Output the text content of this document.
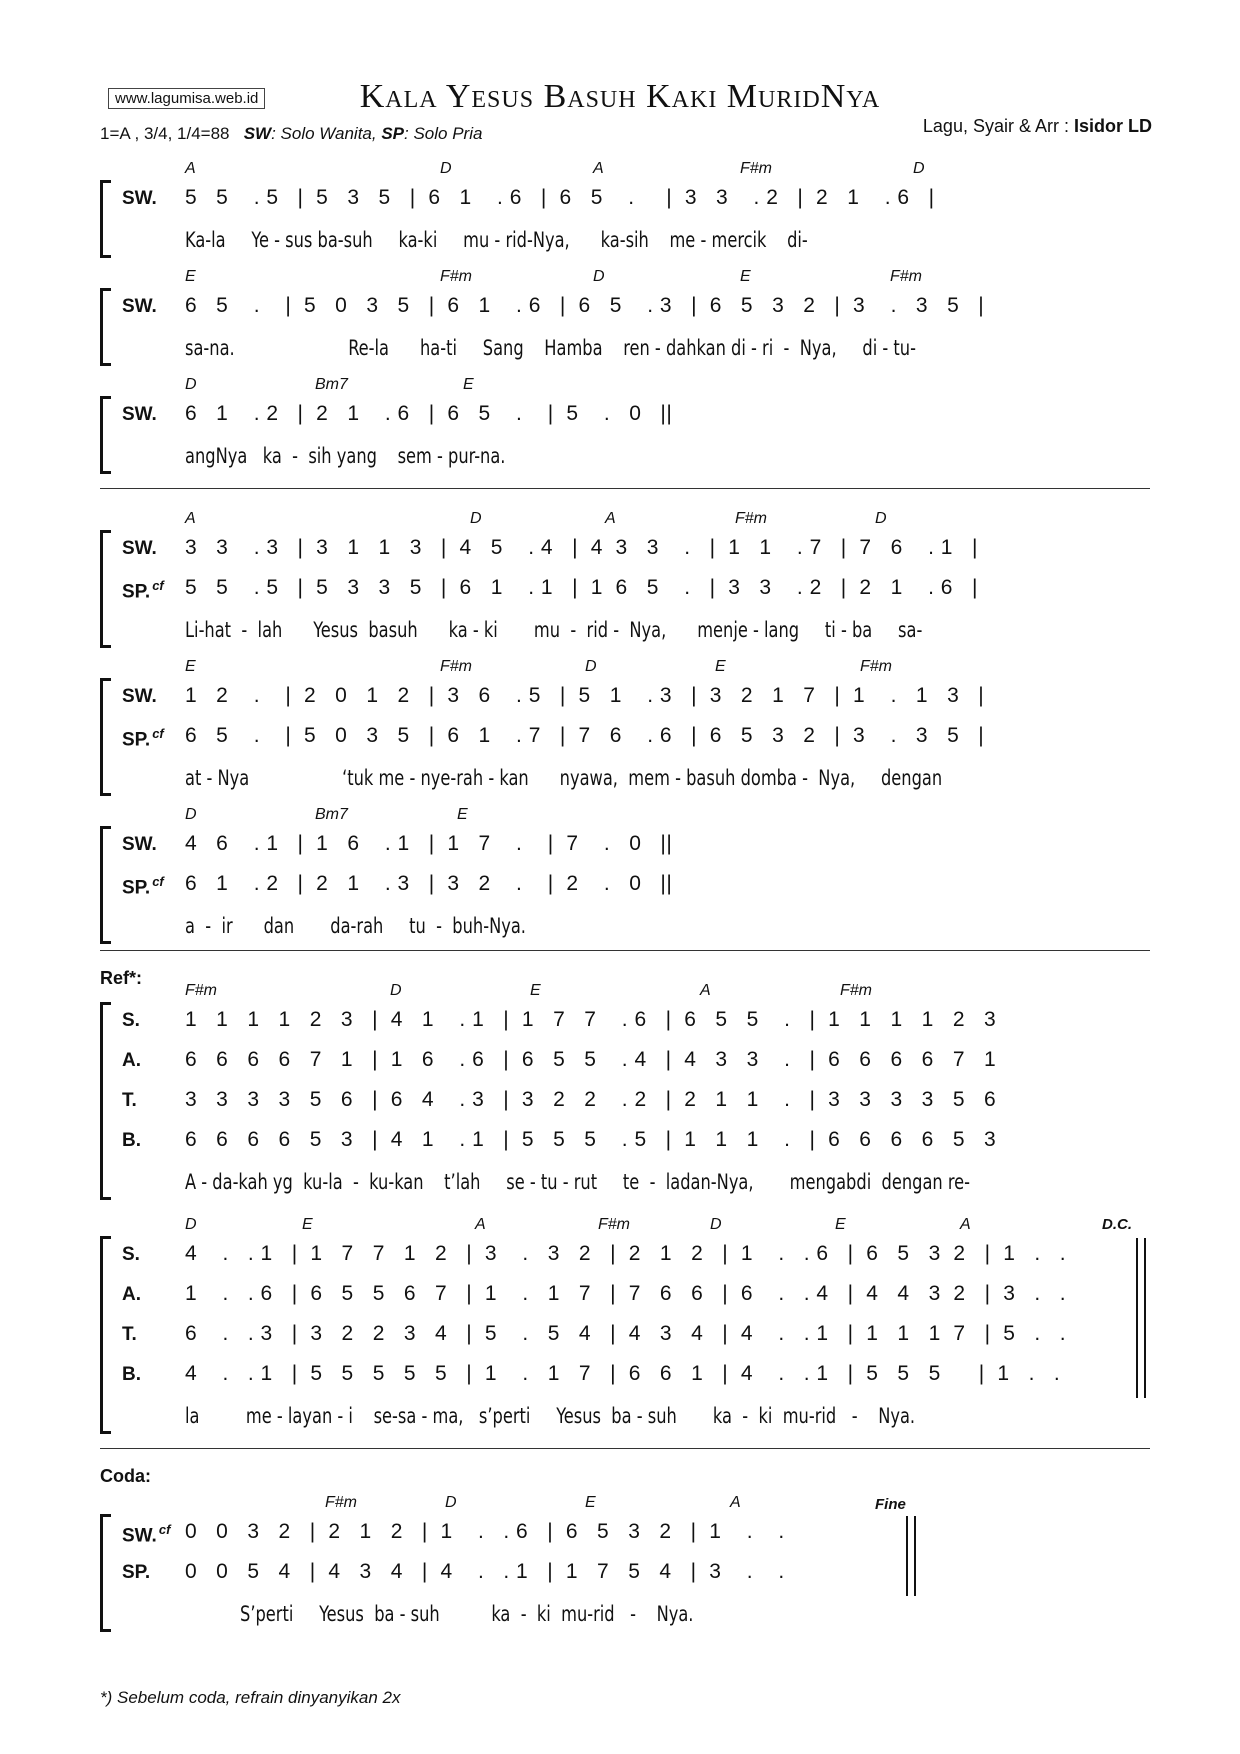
www.lagumisa.web.id	Kala Yesus Basuh Kaki MuridNya
Lagu, Syair & Arr : Isidor LD
1=A , 3/4, 1/4=88 SW: Solo Wanita, SP: Solo Pria
A	D	A	F#m	D
SW. 5   5    . 5   |  5   3   5   |  6   1    . 6   |  6   5    .     |  3   3    . 2   |  2   1    . 6   |
Ka-la     Ye - sus ba-suh     ka-ki     mu - rid-Nya,      ka-sih    me - mercik    di-
E	F#m	D	E	F#m
SW. 6   5    .    |  5   0   3   5   |  6   1    . 6   |  6   5    . 3   |  6   5   3   2   |  3    .   3   5   |
sa-na.                      Re-la      ha-ti     Sang    Hamba    ren - dahkan di - ri  -  Nya,     di - tu-
D	Bm7	E
SW. 6   1    . 2   |  2   1    . 6   |  6   5    .    |  5    .   0   ||
angNya   ka  -  sih yang    sem - pur-na.
A	D	A	F#m	D
SW. 3   3    . 3   |  3   1   1   3   |  4   5    . 4   |  4  3   3    .   |  1   1    . 7   |  7   6    . 1   |
SP. $^{cf}$ 5   5    . 5   |  5   3   3   5   |  6   1    . 1   |  1  6   5    .   |  3   3    . 2   |  2   1    . 6   |
Li-hat  -  lah      Yesus  basuh      ka - ki       mu  -  rid -  Nya,      menje - lang     ti - ba     sa-
E	F#m	D	E	F#m
SW. 1   2    .    |  2   0   1   2   |  3   6    . 5   |  5   1    . 3   |  3   2   1   7   |  1    .   1   3   |
SP. $^{cf}$ 6   5    .    |  5   0   3   5   |  6   1    . 7   |  7   6    . 6   |  6   5   3   2   |  3    .   3   5   |
at - Nya                  ‘tuk me - nye-rah - kan      nyawa,  mem - basuh domba -  Nya,     dengan
D	Bm7	E
SW. 4   6    . 1   |  1   6    . 1   |  1   7    .    |  7    .   0   ||
SP. $^{cf}$ 6   1    . 2   |  2   1    . 3   |  3   2    .    |  2    .   0   ||
a  -  ir      dan       da-rah     tu  -  buh-Nya.
F#m	D	E	A	F#m
S. 1   1   1   1   2   3   |  4   1    . 1   |  1   7   7    . 6   |  6   5   5    .   |  1   1   1   1   2   3
A. 6   6   6   6   7   1   |  1   6    . 6   |  6   5   5    . 4   |  4   3   3    .   |  6   6   6   6   7   1
T. 3   3   3   3   5   6   |  6   4    . 3   |  3   2   2    . 2   |  2   1   1    .   |  3   3   3   3   5   6
B. 6   6   6   6   5   3   |  4   1    . 1   |  5   5   5    . 5   |  1   1   1    .   |  6   6   6   6   5   3
A - da-kah yg  ku-la  -  ku-kan    t’lah     se - tu - rut     te  -  ladan-Nya,       mengabdi  dengan re-
D	E	A	F#m	D	E	A
S. 4    .   . 1   |  1   7   7   1   2   |  3    .   3   2   |  2   1   2   |  1    .   . 6   |  6   5   3  2   |  1   .   .
A. 1    .   . 6   |  6   5   5   6   7   |  1    .   1   7   |  7   6   6   |  6    .   . 4   |  4   4   3  2   |  3   .   .
T. 6    .   . 3   |  3   2   2   3   4   |  5    .   5   4   |  4   3   4   |  4    .   . 1   |  1   1   1  7   |  5   .   .
B. 4    .   . 1   |  5   5   5   5   5   |  1    .   1   7   |  6   6   1   |  4    .   . 1   |  5   5   5      |  1   .   .
la         me - layan - i    se-sa - ma,   s’perti     Yesus  ba - suh       ka  -  ki  mu-rid   -    Nya.
F#m	D	E	A
SW. $^{cf}$ 0   0   3   2   |  2   1   2   |  1    .   . 6   |  6   5   3   2   |  1    .    .
SP. 0   0   5   4   |  4   3   4   |  4    .   . 1   |  1   7   5   4   |  3    .    .
S’perti     Yesus  ba - suh          ka  -  ki  mu-rid   -    Nya.
Fine
Ref*:
Coda:
D.C.
*) Sebelum coda, refrain dinyanyikan 2x
